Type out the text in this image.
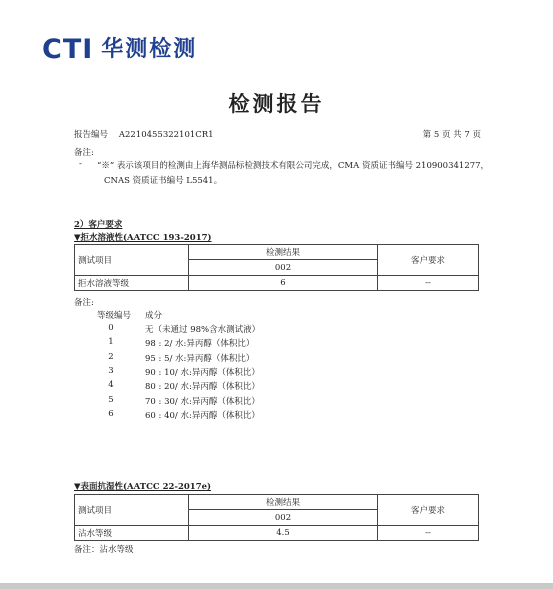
CTI 华测检测
检测报告
报告编号 A2210455322101CR1	第 5 页 共 7 页
备注:
- “※” 表示该项目的检测由上海华测品标检测技术有限公司完成，CMA 资质证书编号 210900341277，
CNAS 资质证书编号 L5541。
2）客户要求
▼拒水溶液性(AATCC 193-2017)
测试项目	检测结果	客户要求
	002	
拒水溶液等级	6	--
备注:
等级编号 成分
0	无（未通过 98%含水测试液）
1	98 : 2/ 水:异丙醇（体积比）
2	95 : 5/ 水:异丙醇（体积比）
3	90 : 10/ 水:异丙醇（体积比）
4	80 : 20/ 水:异丙醇（体积比）
5	70 : 30/ 水:异丙醇（体积比）
6	60 : 40/ 水:异丙醇（体积比）
▼表面抗湿性(AATCC 22-2017e)
测试项目	检测结果	客户要求
	002	
沾水等级	4.5	--
备注：沾水等级
